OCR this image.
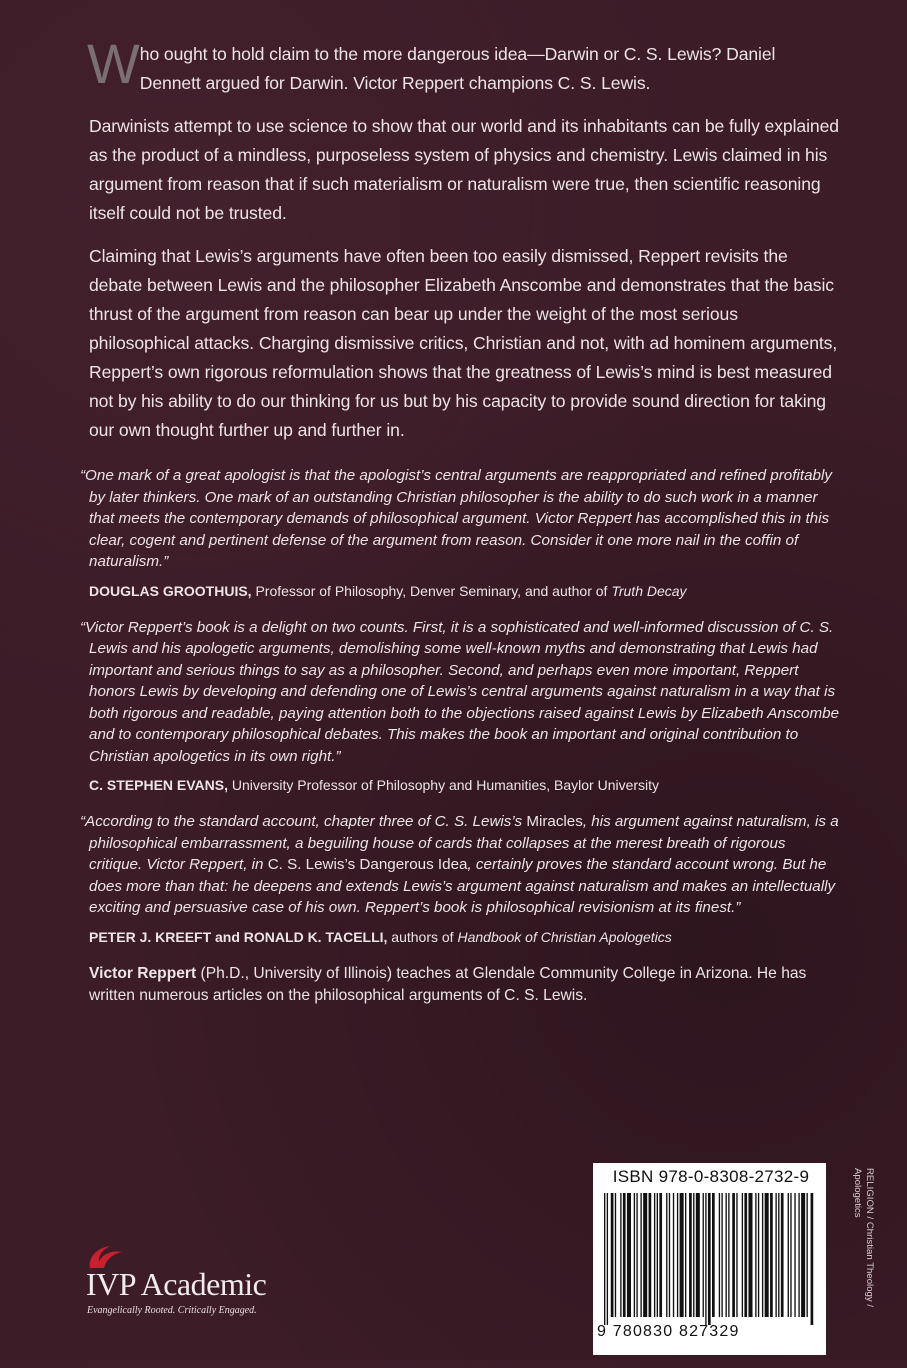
Who ought to hold claim to the more dangerous idea—Darwin or C. S. Lewis? Daniel Dennett argued for Darwin. Victor Reppert champions C. S. Lewis.

Darwinists attempt to use science to show that our world and its inhabitants can be fully explained as the product of a mindless, purposeless system of physics and chemistry. Lewis claimed in his argument from reason that if such materialism or naturalism were true, then scientific reasoning itself could not be trusted.

Claiming that Lewis’s arguments have often been too easily dismissed, Reppert revisits the debate between Lewis and the philosopher Elizabeth Anscombe and demonstrates that the basic thrust of the argument from reason can bear up under the weight of the most serious philosophical attacks. Charging dismissive critics, Christian and not, with ad hominem arguments, Reppert’s own rigorous reformulation shows that the greatness of Lewis’s mind is best measured not by his ability to do our thinking for us but by his capacity to provide sound direction for taking our own thought further up and further in.

“One mark of a great apologist is that the apologist’s central arguments are reappropriated and refined profitably by later thinkers. One mark of an outstanding Christian philosopher is the ability to do such work in a manner that meets the contemporary demands of philosophical argument. Victor Reppert has accomplished this in this clear, cogent and pertinent defense of the argument from reason. Consider it one more nail in the coffin of naturalism.”

DOUGLAS GROOTHUIS, Professor of Philosophy, Denver Seminary, and author of Truth Decay

“Victor Reppert’s book is a delight on two counts. First, it is a sophisticated and well-informed discussion of C. S. Lewis and his apologetic arguments, demolishing some well-known myths and demonstrating that Lewis had important and serious things to say as a philosopher. Second, and perhaps even more important, Reppert honors Lewis by developing and defending one of Lewis’s central arguments against naturalism in a way that is both rigorous and readable, paying attention both to the objections raised against Lewis by Elizabeth Anscombe and to contemporary philosophical debates. This makes the book an important and original contribution to Christian apologetics in its own right.”

C. STEPHEN EVANS, University Professor of Philosophy and Humanities, Baylor University

“According to the standard account, chapter three of C. S. Lewis’s Miracles, his argument against naturalism, is a philosophical embarrassment, a beguiling house of cards that collapses at the merest breath of rigorous critique. Victor Reppert, in C. S. Lewis’s Dangerous Idea, certainly proves the standard account wrong. But he does more than that: he deepens and extends Lewis’s argument against naturalism and makes an intellectually exciting and persuasive case of his own. Reppert’s book is philosophical revisionism at its finest.”

PETER J. KREEFT and RONALD K. TACELLI, authors of Handbook of Christian Apologetics

Victor Reppert (Ph.D., University of Illinois) teaches at Glendale Community College in Arizona. He has written numerous articles on the philosophical arguments of C. S. Lewis.

RELIGION / Christian Theology /
Apologetics
ISBN 978-0-8308-2732-9
9 780830 827329
IVP Academic
Evangelically Rooted. Critically Engaged.
